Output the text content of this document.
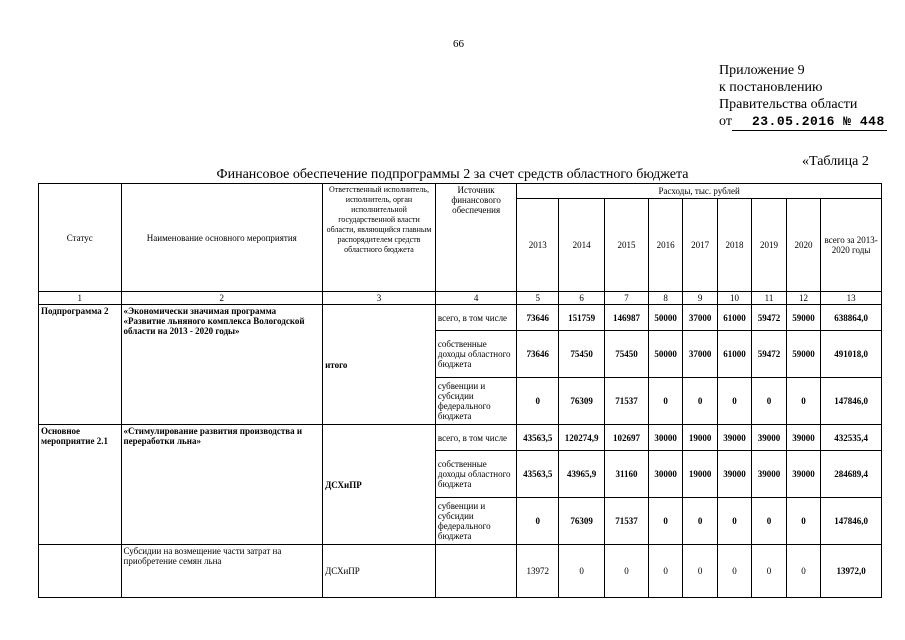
66
Приложение 9
к постановлению
Правительства области
от 23.05.2016 № 448
«Таблица 2
Финансовое обеспечение подпрограммы 2 за счет средств областного бюджета
Статус	Наименование основного мероприятия	Ответственный исполнитель, исполнитель, орган исполнительной государственной власти области, являющийся главным распорядителем средств областного бюджета	Источник финансового обеспечения	Расходы, тыс. рублей								
				2013	2014	2015	2016	2017	2018	2019	2020	всего за 2013-2020 годы
1	2	3	4	5	6	7	8	9	10	11	12	13
Подпрограмма 2	«Экономически значимая программа «Развитие льняного комплекса Вологодской области на 2013 - 2020 годы»	итого	всего, в том числе	73646	151759	146987	50000	37000	61000	59472	59000	638864,0
			собственные доходы областного бюджета	73646	75450	75450	50000	37000	61000	59472	59000	491018,0
			субвенции и субсидии федерального бюджета	0	76309	71537	0	0	0	0	0	147846,0
Основное мероприятие 2.1	«Стимулирование развития производства и переработки льна»	ДСХиПР	всего, в том числе	43563,5	120274,9	102697	30000	19000	39000	39000	39000	432535,4
			собственные доходы областного бюджета	43563,5	43965,9	31160	30000	19000	39000	39000	39000	284689,4
			субвенции и субсидии федерального бюджета	0	76309	71537	0	0	0	0	0	147846,0
	Субсидии на возмещение части затрат на приобретение семян льна	ДСХиПР		13972	0	0	0	0	0	0	0	13972,0
